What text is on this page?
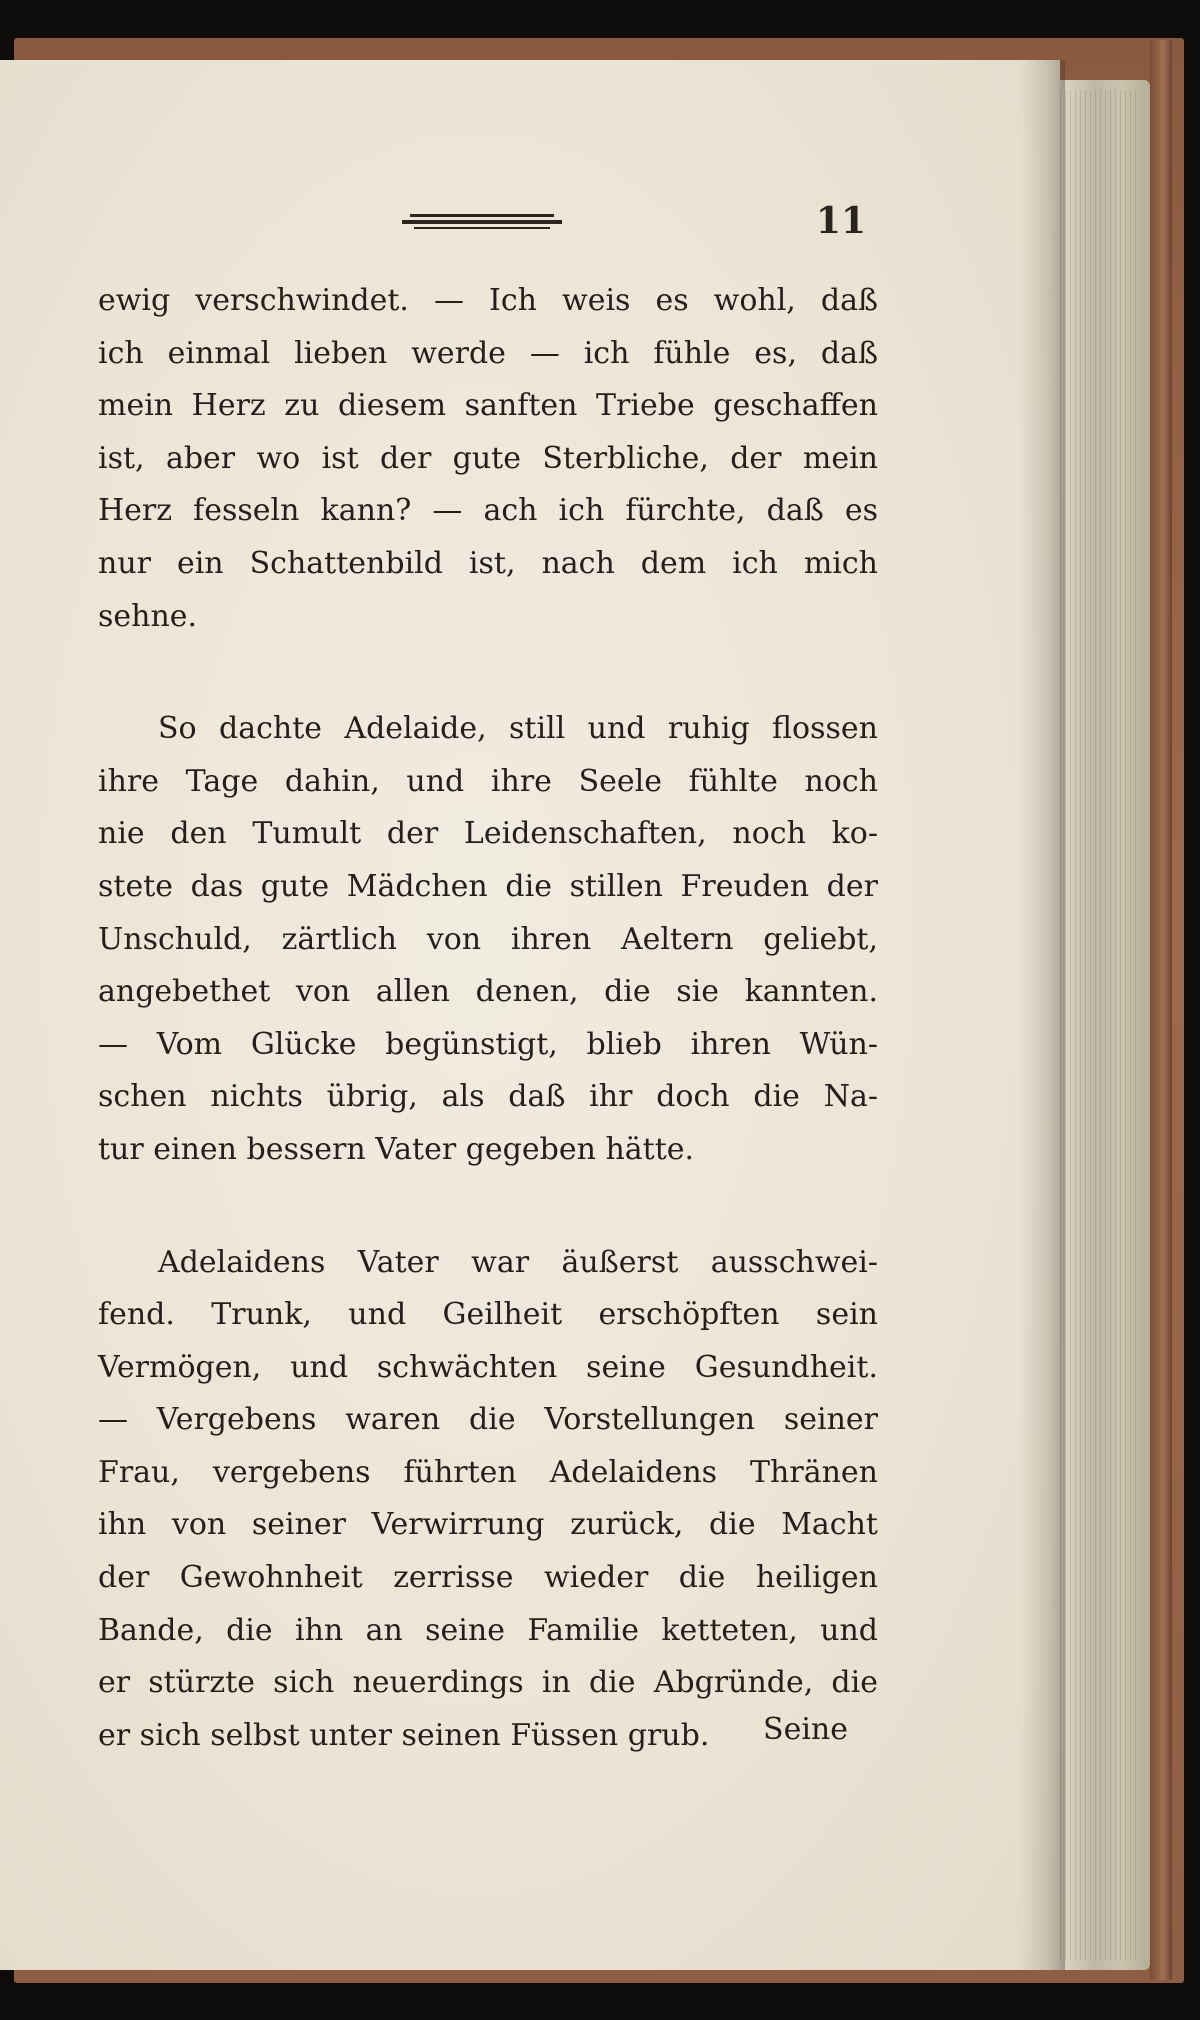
11
ewig verschwindet. — Ich weis es wohl, daß
ich einmal lieben werde — ich fühle es, daß
mein Herz zu diesem sanften Triebe geschaffen
ist, aber wo ist der gute Sterbliche, der mein
Herz fesseln kann? — ach ich fürchte, daß es
nur ein Schattenbild ist, nach dem ich mich
sehne.
So dachte Adelaide, still und ruhig flossen
ihre Tage dahin, und ihre Seele fühlte noch
nie den Tumult der Leidenschaften, noch ko-
stete das gute Mädchen die stillen Freuden der
Unschuld, zärtlich von ihren Aeltern geliebt,
angebethet von allen denen, die sie kannten.
— Vom Glücke begünstigt, blieb ihren Wün-
schen nichts übrig, als daß ihr doch die Na-
tur einen bessern Vater gegeben hätte.
Adelaidens Vater war äußerst ausschwei-
fend. Trunk, und Geilheit erschöpften sein
Vermögen, und schwächten seine Gesundheit.
— Vergebens waren die Vorstellungen seiner
Frau, vergebens führten Adelaidens Thränen
ihn von seiner Verwirrung zurück, die Macht
der Gewohnheit zerrisse wieder die heiligen
Bande, die ihn an seine Familie ketteten, und
er stürzte sich neuerdings in die Abgründe, die
er sich selbst unter seinen Füssen grub.	Seine
